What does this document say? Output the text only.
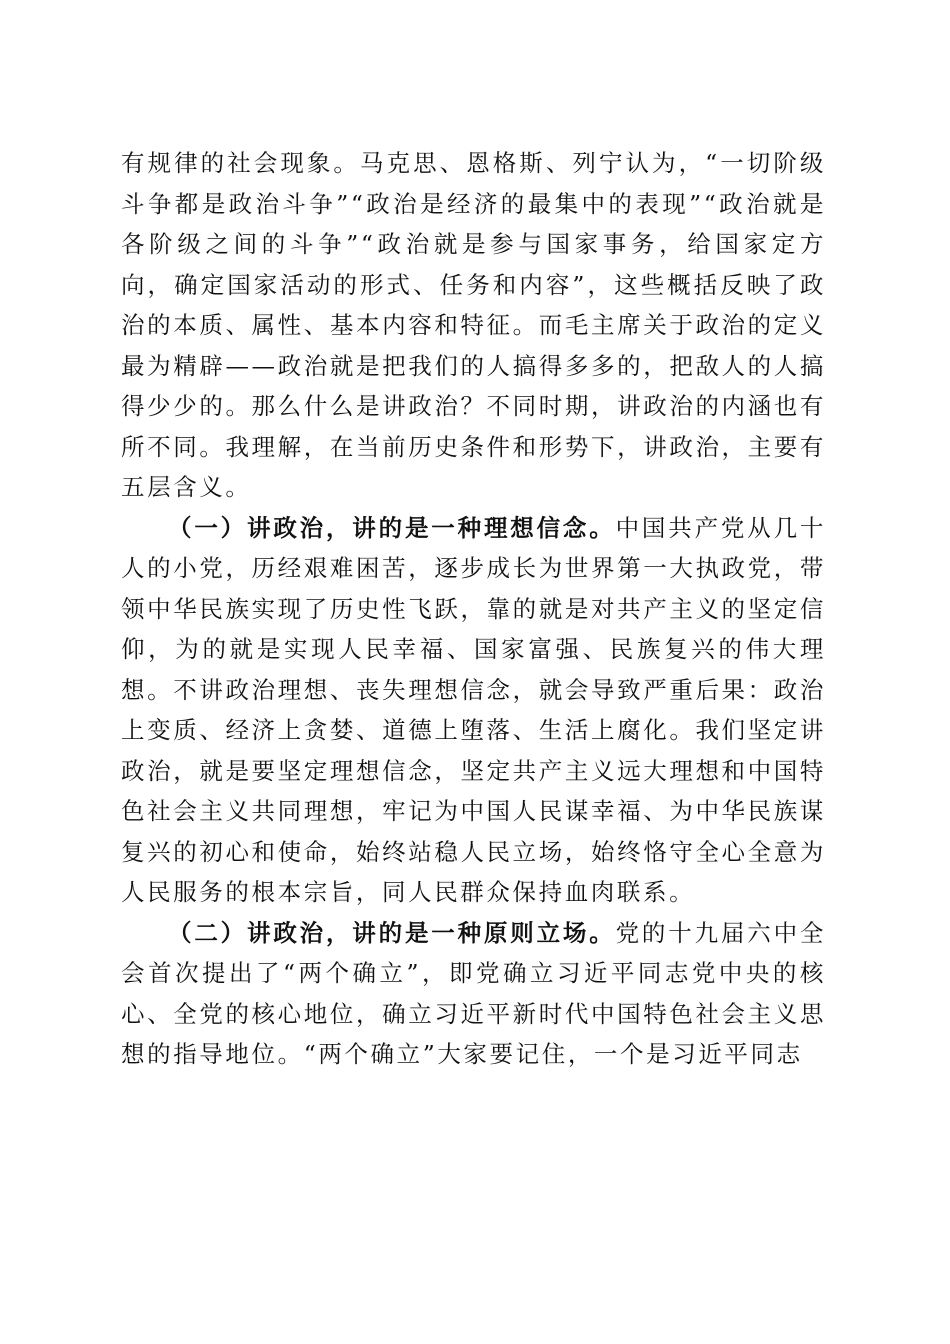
有规律的社会现象。马克思、恩格斯、列宁认为，“一切阶级斗争都是政治斗争”“政治是经济的最集中的表现”“政治就是各阶级之间的斗争”“政治就是参与国家事务，给国家定方向，确定国家活动的形式、任务和内容”，这些概括反映了政治的本质、属性、基本内容和特征。而毛主席关于政治的定义最为精辟——政治就是把我们的人搞得多多的，把敌人的人搞得少少的。那么什么是讲政治？不同时期，讲政治的内涵也有所不同。我理解，在当前历史条件和形势下，讲政治，主要有五层含义。

（一）讲政治，讲的是一种理想信念。中国共产党从几十人的小党，历经艰难困苦，逐步成长为世界第一大执政党，带领中华民族实现了历史性飞跃，靠的就是对共产主义的坚定信仰，为的就是实现人民幸福、国家富强、民族复兴的伟大理想。不讲政治理想、丧失理想信念，就会导致严重后果：政治上变质、经济上贪婪、道德上堕落、生活上腐化。我们坚定讲政治，就是要坚定理想信念，坚定共产主义远大理想和中国特色社会主义共同理想，牢记为中国人民谋幸福、为中华民族谋复兴的初心和使命，始终站稳人民立场，始终恪守全心全意为人民服务的根本宗旨，同人民群众保持血肉联系。

（二）讲政治，讲的是一种原则立场。党的十九届六中全会首次提出了“两个确立”，即党确立习近平同志党中央的核心、全党的核心地位，确立习近平新时代中国特色社会主义思想的指导地位。“两个确立”大家要记住，一个是习近平同志
